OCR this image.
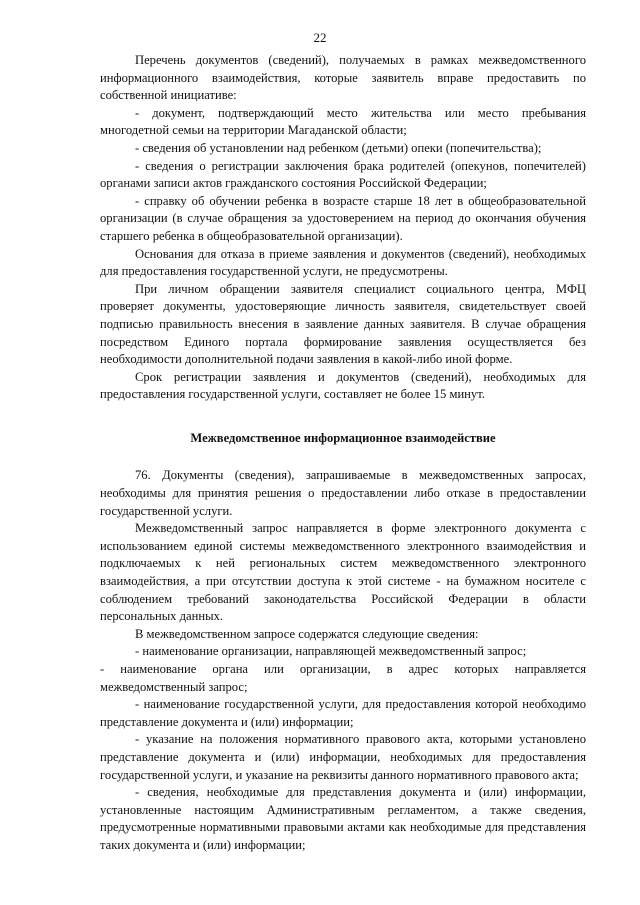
22

Перечень документов (сведений), получаемых в рамках межведомственного информационного взаимодействия, которые заявитель вправе предоставить по собственной инициативе:

- документ, подтверждающий место жительства или место пребывания многодетной семьи на территории Магаданской области;

- сведения об установлении над ребенком (детьми) опеки (попечительства);

- сведения о регистрации заключения брака родителей (опекунов, попечителей) органами записи актов гражданского состояния Российской Федерации;

- справку об обучении ребенка в возрасте старше 18 лет в общеобразовательной организации (в случае обращения за удостоверением на период до окончания обучения старшего ребенка в общеобразовательной организации).

Основания для отказа в приеме заявления и документов (сведений), необходимых для предоставления государственной услуги, не предусмотрены.

При личном обращении заявителя специалист социального центра, МФЦ проверяет документы, удостоверяющие личность заявителя, свидетельствует своей подписью правильность внесения в заявление данных заявителя. В случае обращения посредством Единого портала формирование заявления осуществляется без необходимости дополнительной подачи заявления в какой-либо иной форме.

Срок регистрации заявления и документов (сведений), необходимых для предоставления государственной услуги, составляет не более 15 минут.

Межведомственное информационное взаимодействие

76. Документы (сведения), запрашиваемые в межведомственных запросах, необходимы для принятия решения о предоставлении либо отказе в предоставлении государственной услуги.

Межведомственный запрос направляется в форме электронного документа с использованием единой системы межведомственного электронного взаимодействия и подключаемых к ней региональных систем межведомственного электронного взаимодействия, а при отсутствии доступа к этой системе - на бумажном носителе с соблюдением требований законодательства Российской Федерации в области персональных данных.

В межведомственном запросе содержатся следующие сведения:

- наименование организации, направляющей межведомственный запрос;

- наименование органа или организации, в адрес которых направляется межведомственный запрос;

- наименование государственной услуги, для предоставления которой необходимо представление документа и (или) информации;

- указание на положения нормативного правового акта, которыми установлено представление документа и (или) информации, необходимых для предоставления государственной услуги, и указание на реквизиты данного нормативного правового акта;

- сведения, необходимые для представления документа и (или) информации, установленные настоящим Административным регламентом, а также сведения, предусмотренные нормативными правовыми актами как необходимые для представления таких документа и (или) информации;
